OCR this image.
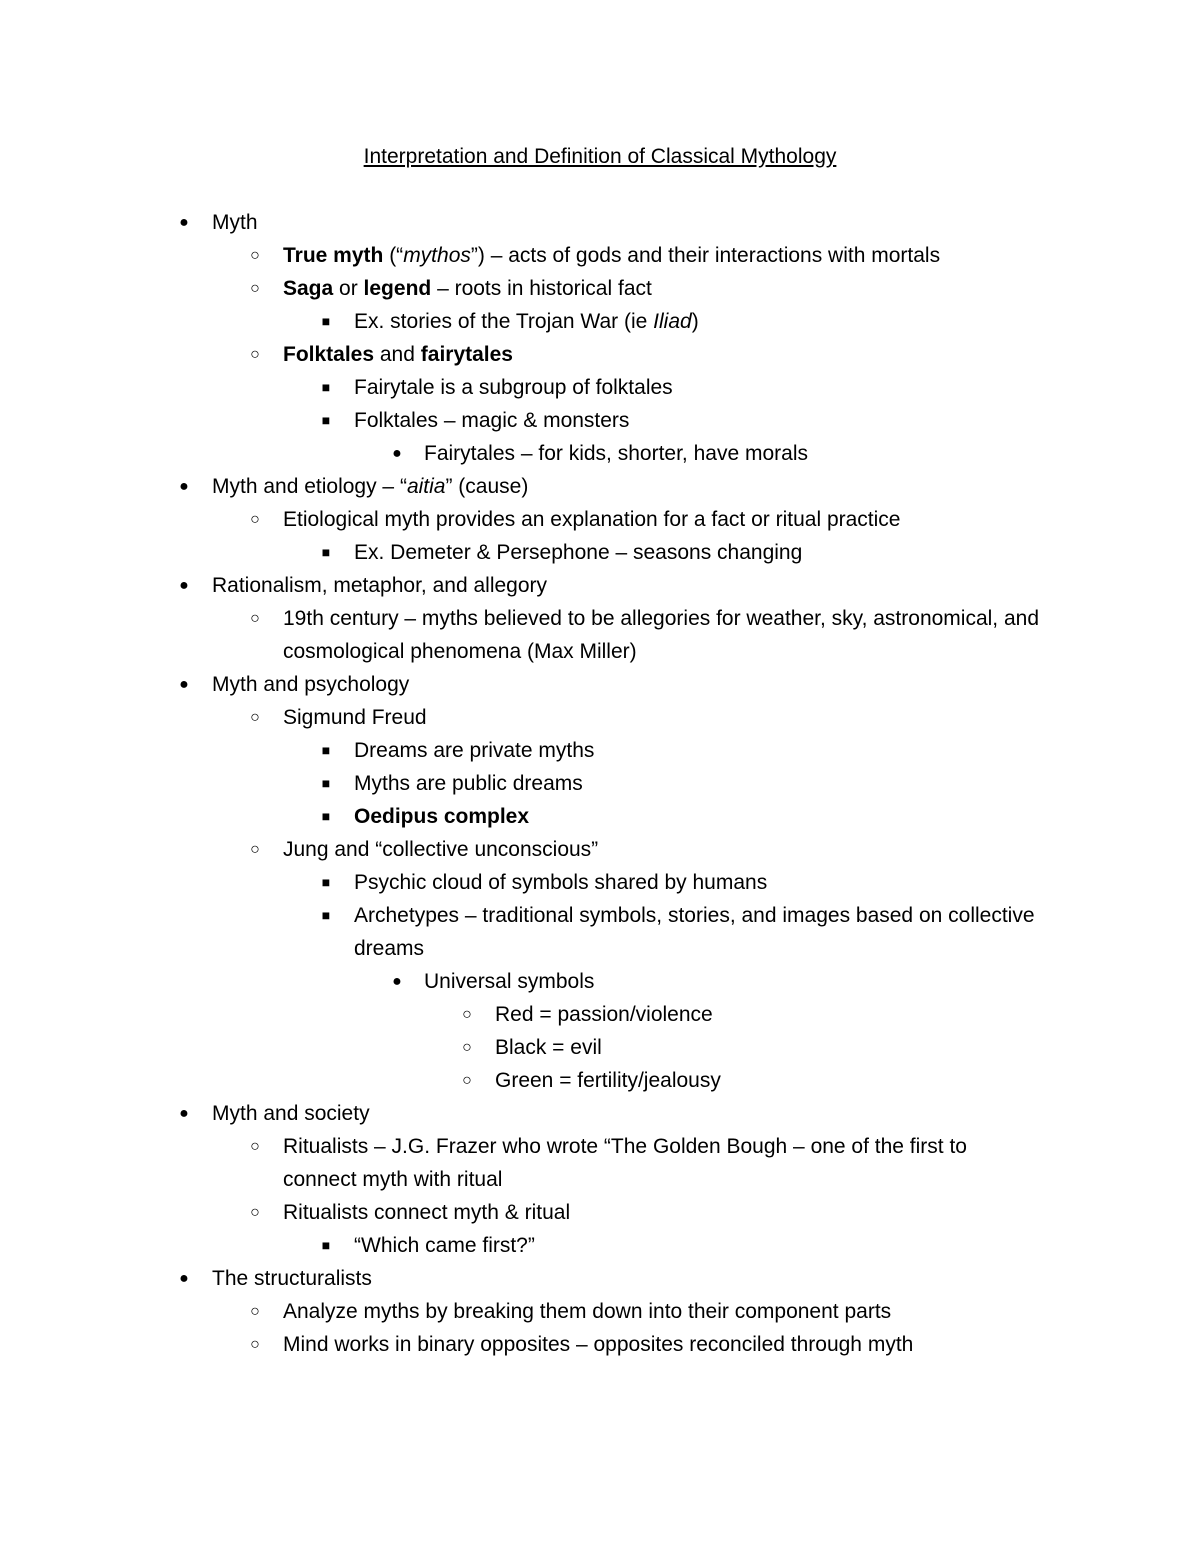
Interpretation and Definition of Classical Mythology
● Myth
○ True myth (“mythos”) – acts of gods and their interactions with mortals
○ Saga or legend – roots in historical fact
■ Ex. stories of the Trojan War (ie Iliad)
○ Folktales and fairytales
■ Fairytale is a subgroup of folktales
■ Folktales – magic & monsters
● Fairytales – for kids, shorter, have morals
● Myth and etiology – “aitia” (cause)
○ Etiological myth provides an explanation for a fact or ritual practice
■ Ex. Demeter & Persephone – seasons changing
● Rationalism, metaphor, and allegory
○ 19th century – myths believed to be allegories for weather, sky, astronomical, and cosmological phenomena (Max Miller)
● Myth and psychology
○ Sigmund Freud
■ Dreams are private myths
■ Myths are public dreams
■ Oedipus complex
○ Jung and “collective unconscious”
■ Psychic cloud of symbols shared by humans
■ Archetypes – traditional symbols, stories, and images based on collective dreams
● Universal symbols
○ Red = passion/violence
○ Black = evil
○ Green = fertility/jealousy
● Myth and society
○ Ritualists – J.G. Frazer who wrote “The Golden Bough – one of the first to connect myth with ritual
○ Ritualists connect myth & ritual
■ “Which came first?”
● The structuralists
○ Analyze myths by breaking them down into their component parts
○ Mind works in binary opposites – opposites reconciled through myth
